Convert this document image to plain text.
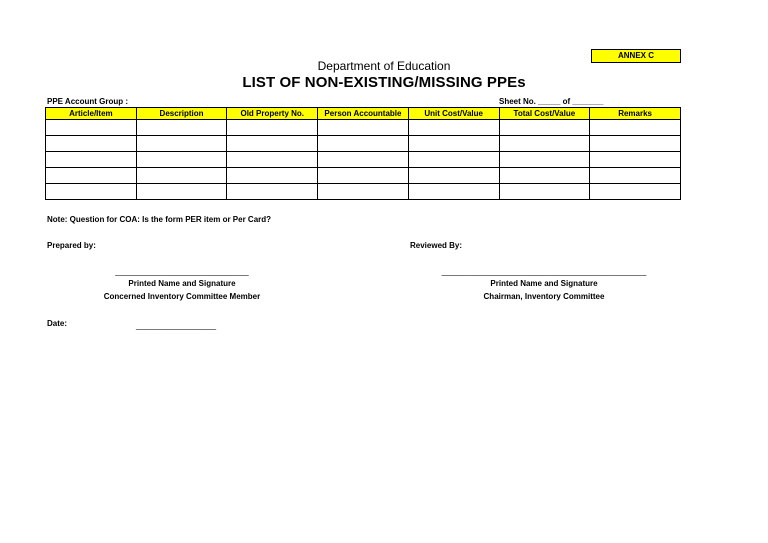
ANNEX C
Department of Education
LIST OF NON-EXISTING/MISSING PPEs
PPE Account Group :	Sheet No. _____ of _______
Article/Item	Description	Old Property No.	Person Accountable	Unit Cost/Value	Total Cost/Value	Remarks

Note: Question for COA: Is the form PER item or Per Card?
Prepared by:	Reviewed By:
______________________________
Printed Name and Signature
Concerned Inventory Committee Member
______________________________________________
Printed Name and Signature
Chairman, Inventory Committee
Date:	__________________
